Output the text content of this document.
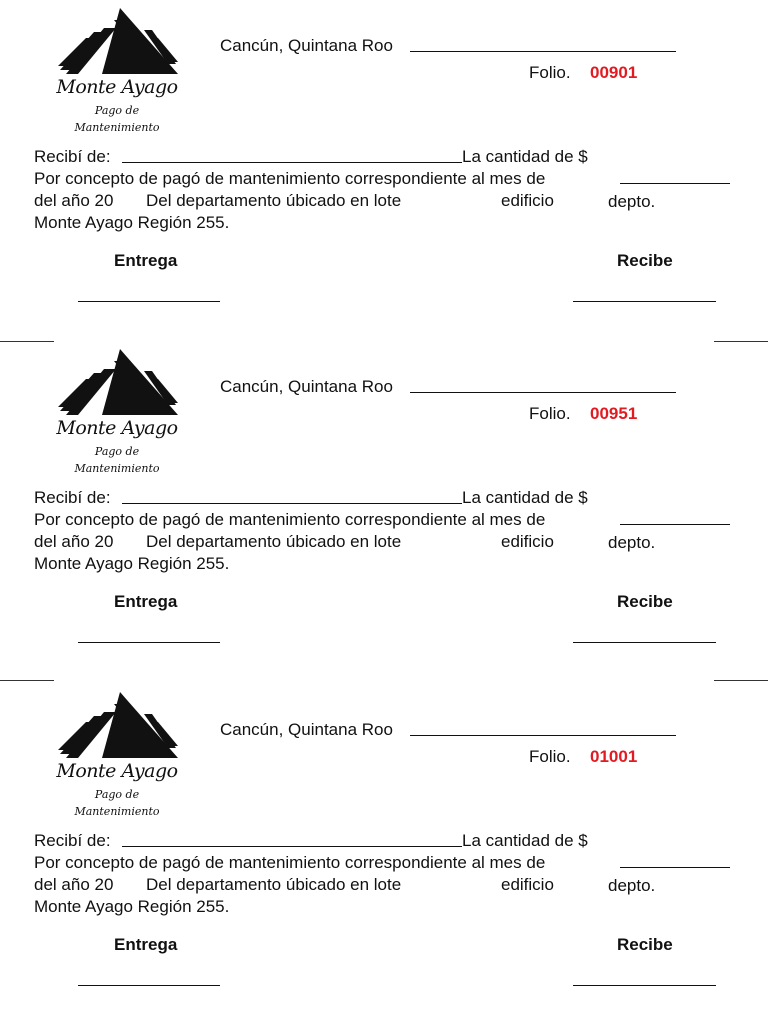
Monte Ayago
Pago de
Mantenimiento
Cancún, Quintana Roo
Folio. 00901
Recibí de:	La cantidad de $
Por concepto de pagó de mantenimiento correspondiente al mes de
del año 20 Del departamento úbicado en lote	edificio	depto.
Monte Ayago Región 255.
Entrega	Recibe
Monte Ayago
Pago de
Mantenimiento
Cancún, Quintana Roo
Folio. 00951
Recibí de:	La cantidad de $
Por concepto de pagó de mantenimiento correspondiente al mes de
del año 20 Del departamento úbicado en lote	edificio	depto.
Monte Ayago Región 255.
Entrega	Recibe
Monte Ayago
Pago de
Mantenimiento
Cancún, Quintana Roo
Folio. 01001
Recibí de:	La cantidad de $
Por concepto de pagó de mantenimiento correspondiente al mes de
del año 20 Del departamento úbicado en lote	edificio	depto.
Monte Ayago Región 255.
Entrega	Recibe
